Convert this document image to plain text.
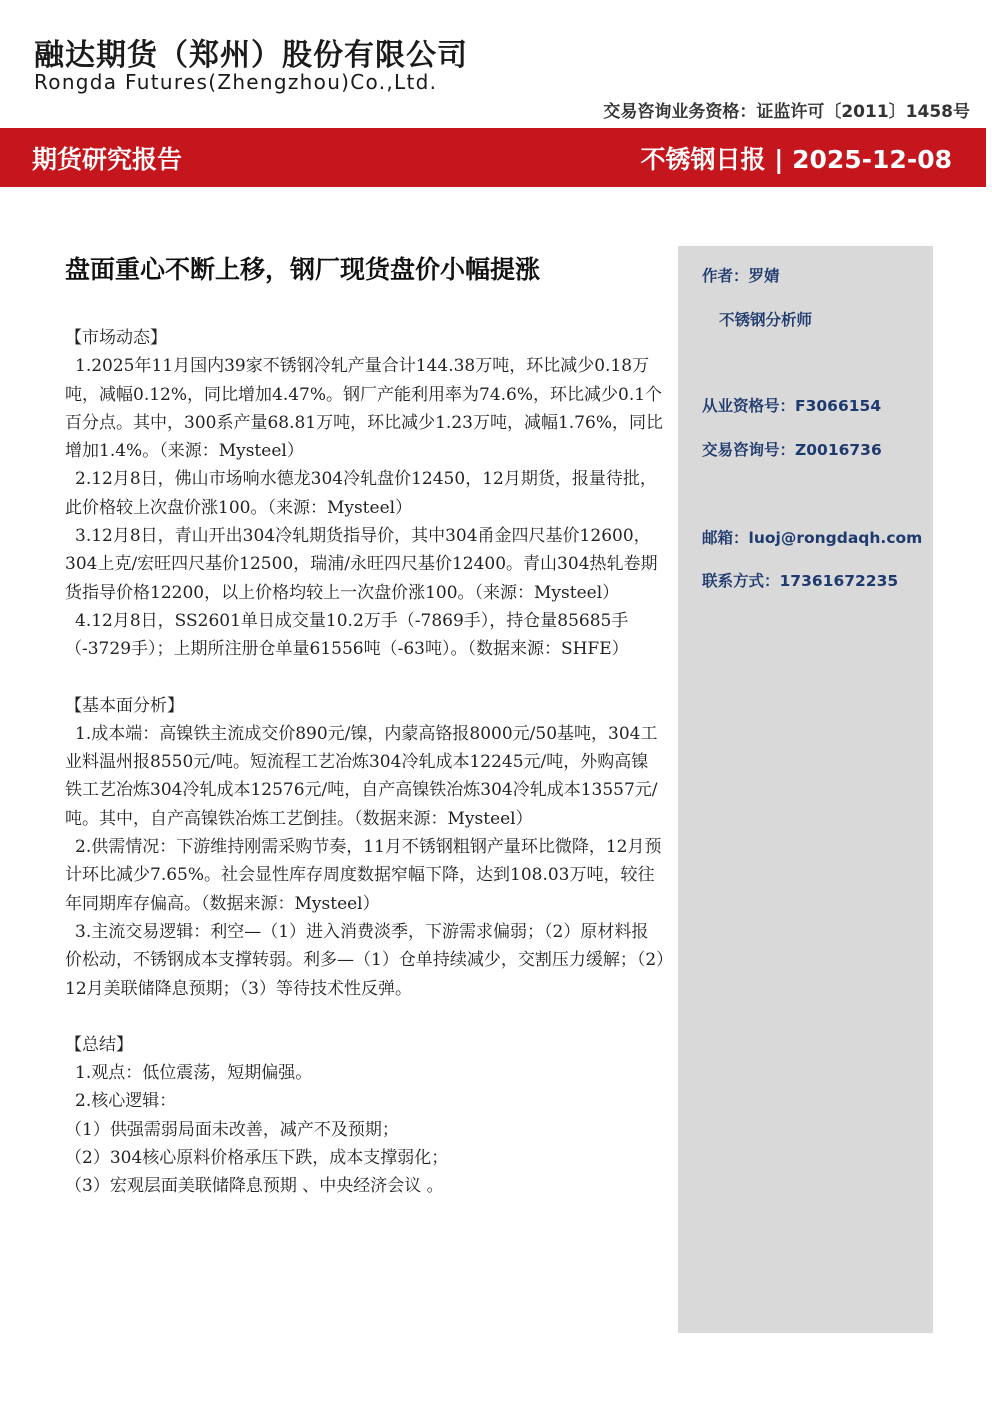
融达期货（郑州）股份有限公司
Rongda Futures(Zhengzhou)Co.,Ltd.
交易咨询业务资格：证监许可〔2011〕1458号
期货研究报告	不锈钢日报 | 2025-12-08
盘面重心不断上移，钢厂现货盘价小幅提涨

【市场动态】

1.2025年11月国内39家不锈钢冷轧产量合计144.38万吨，环比减少0.18万吨，减幅0.12%，同比增加4.47%。钢厂产能利用率为74.6%，环比减少0.1个百分点。其中，300系产量68.81万吨，环比减少1.23万吨，减幅1.76%，同比增加1.4%。（来源：Mysteel）

2.12月8日，佛山市场响水德龙304冷轧盘价12450，12月期货，报量待批，此价格较上次盘价涨100。（来源：Mysteel）

3.12月8日，青山开出304冷轧期货指导价，其中304甬金四尺基价12600，304上克/宏旺四尺基价12500，瑞浦/永旺四尺基价12400。青山304热轧卷期货指导价格12200，以上价格均较上一次盘价涨100。（来源：Mysteel）

4.12月8日，SS2601单日成交量10.2万手（-7869手），持仓量85685手（-3729手）；上期所注册仓单量61556吨（-63吨）。（数据来源：SHFE）

【基本面分析】

1.成本端：高镍铁主流成交价890元/镍，内蒙高铬报8000元/50基吨，304工业料温州报8550元/吨。短流程工艺冶炼304冷轧成本12245元/吨，外购高镍铁工艺冶炼304冷轧成本12576元/吨，自产高镍铁冶炼304冷轧成本13557元/吨。其中，自产高镍铁冶炼工艺倒挂。（数据来源：Mysteel）

2.供需情况：下游维持刚需采购节奏，11月不锈钢粗钢产量环比微降，12月预计环比减少7.65%。社会显性库存周度数据窄幅下降，达到108.03万吨，较往年同期库存偏高。（数据来源：Mysteel）

3.主流交易逻辑：利空—（1）进入消费淡季，下游需求偏弱；（2）原材料报价松动，不锈钢成本支撑转弱。利多—（1）仓单持续减少，交割压力缓解；（2）12月美联储降息预期；（3）等待技术性反弹。

【总结】

1.观点：低位震荡，短期偏强。

2.核心逻辑：

（1）供强需弱局面未改善，减产不及预期；

（2）304核心原料价格承压下跌，成本支撑弱化；

（3）宏观层面美联储降息预期 、中央经济会议 。

作者：罗婧
不锈钢分析师
从业资格号：F3066154
交易咨询号：Z0016736
邮箱：luoj@rongdaqh.com
联系方式：17361672235
